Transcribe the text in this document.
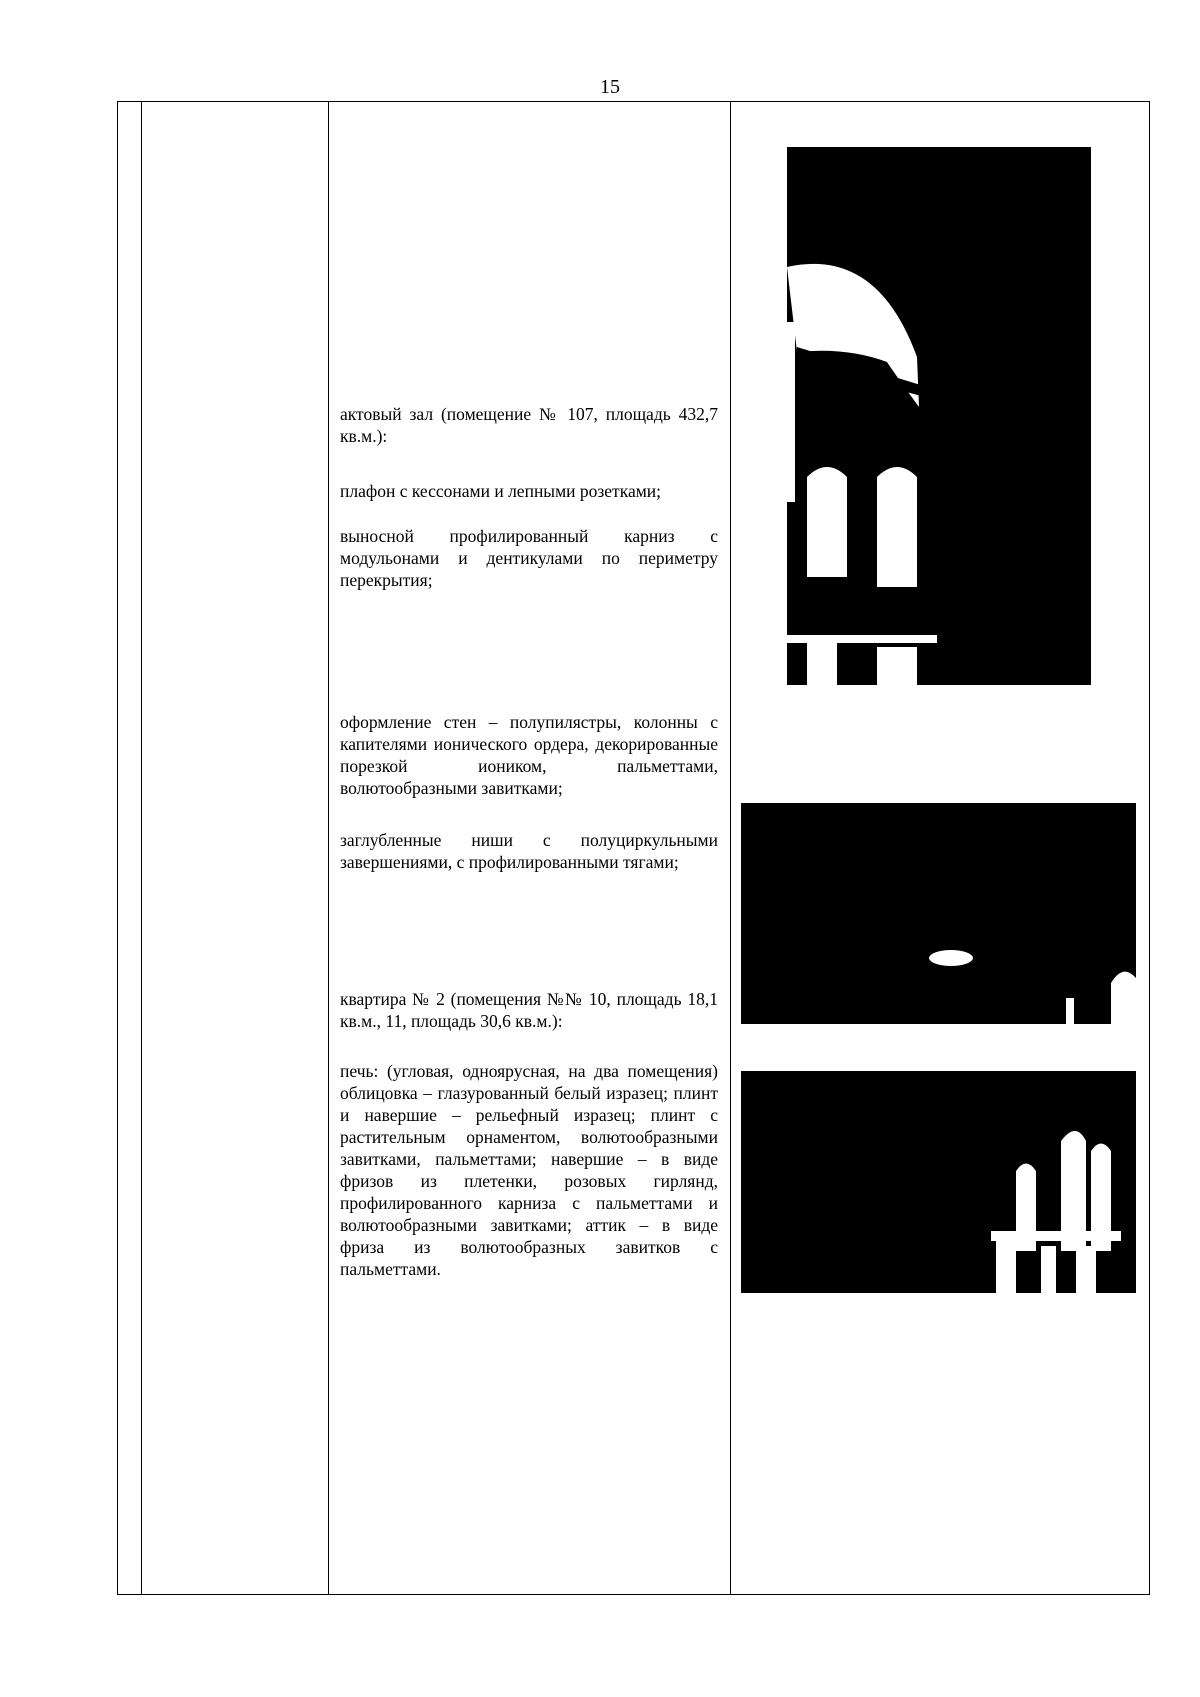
15

актовый зал (помещение № 107, площадь 432,7 кв.м.):

плафон с кессонами и лепными розетками;

выносной профилированный карниз с модульонами и дентикулами по периметру перекрытия;

оформление стен – полупилястры, колонны с капителями ионического ордера, декорированные порезкой иоником, пальметтами, волютообразными завитками;

заглубленные ниши с полуциркульными завершениями, с профилированными тягами;

квартира № 2 (помещения №№ 10, площадь 18,1 кв.м., 11, площадь 30,6 кв.м.):

печь: (угловая, одноярусная, на два помещения) облицовка – глазурованный белый изразец; плинт и навершие – рельефный изразец; плинт с растительным орнаментом, волютообразными завитками, пальметтами; навершие – в виде фризов из плетенки, розовых гирлянд, профилированного карниза с пальметтами и волютообразными завитками; аттик – в виде фриза из волютообразных завитков с пальметтами.
